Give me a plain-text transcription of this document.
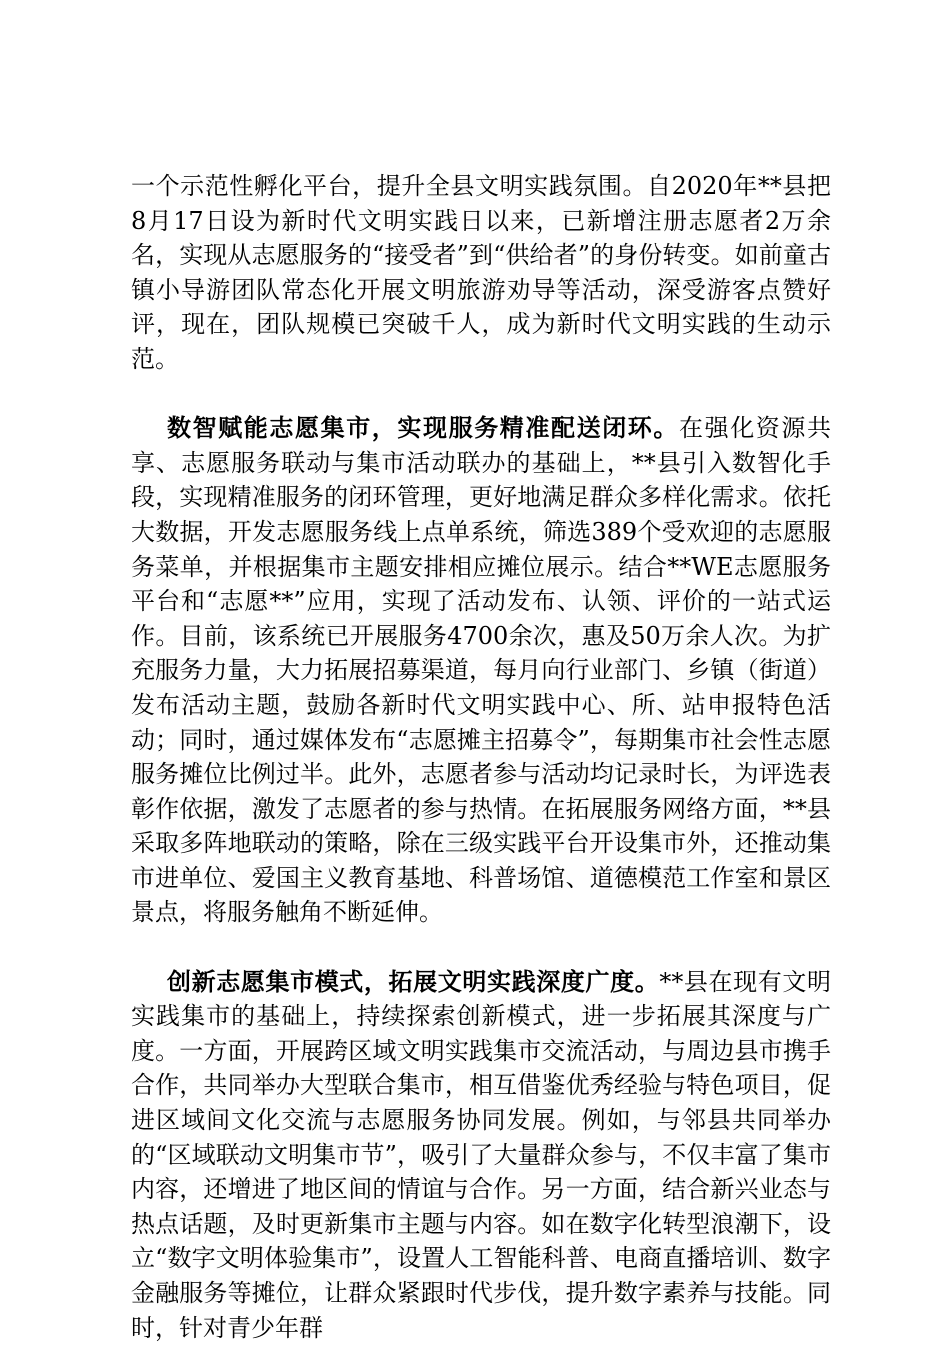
一个示范性孵化平台，提升全县文明实践氛围。自2020年**县把8月17日设为新时代文明实践日以来，已新增注册志愿者2万余名，实现从志愿服务的“接受者”到“供给者”的身份转变。如前童古镇小导游团队常态化开展文明旅游劝导等活动，深受游客点赞好评，现在，团队规模已突破千人，成为新时代文明实践的生动示范。

数智赋能志愿集市，实现服务精准配送闭环。在强化资源共享、志愿服务联动与集市活动联办的基础上，**县引入数智化手段，实现精准服务的闭环管理，更好地满足群众多样化需求。依托大数据，开发志愿服务线上点单系统，筛选389个受欢迎的志愿服务菜单，并根据集市主题安排相应摊位展示。结合**WE志愿服务平台和“志愿**”应用，实现了活动发布、认领、评价的一站式运作。目前，该系统已开展服务4700余次，惠及50万余人次。为扩充服务力量，大力拓展招募渠道，每月向行业部门、乡镇（街道）发布活动主题，鼓励各新时代文明实践中心、所、站申报特色活动；同时，通过媒体发布“志愿摊主招募令”，每期集市社会性志愿服务摊位比例过半。此外，志愿者参与活动均记录时长，为评选表彰作依据，激发了志愿者的参与热情。在拓展服务网络方面，**县采取多阵地联动的策略，除在三级实践平台开设集市外，还推动集市进单位、爱国主义教育基地、科普场馆、道德模范工作室和景区景点，将服务触角不断延伸。

创新志愿集市模式，拓展文明实践深度广度。**县在现有文明实践集市的基础上，持续探索创新模式，进一步拓展其深度与广度。一方面，开展跨区域文明实践集市交流活动，与周边县市携手合作，共同举办大型联合集市，相互借鉴优秀经验与特色项目，促进区域间文化交流与志愿服务协同发展。例如，与邻县共同举办的“区域联动文明集市节”，吸引了大量群众参与，不仅丰富了集市内容，还增进了地区间的情谊与合作。另一方面，结合新兴业态与热点话题，及时更新集市主题与内容。如在数字化转型浪潮下，设立“数字文明体验集市”，设置人工智能科普、电商直播培训、数字金融服务等摊位，让群众紧跟时代步伐，提升数字素养与技能。同时，针对青少年群
